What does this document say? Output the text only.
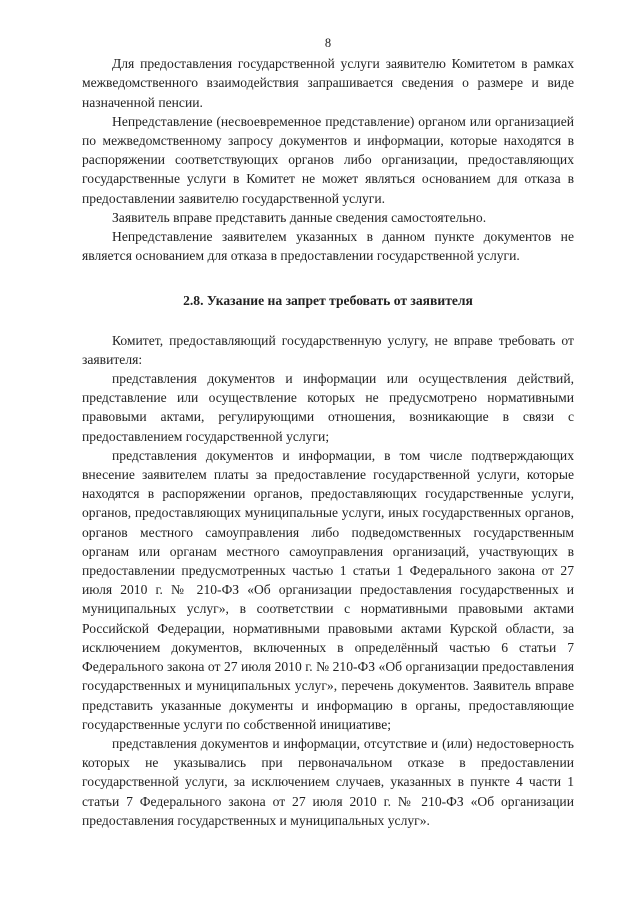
8

Для предоставления государственной услуги заявителю Комитетом в рамках межведомственного взаимодействия запрашивается сведения о размере и виде назначенной пенсии.

Непредставление (несвоевременное представление) органом или организацией по межведомственному запросу документов и информации, которые находятся в распоряжении соответствующих органов либо организации, предоставляющих государственные услуги в Комитет не может являться основанием для отказа в предоставлении заявителю государственной услуги.

Заявитель вправе представить данные сведения самостоятельно.

Непредставление заявителем указанных в данном пункте документов не является основанием для отказа в предоставлении государственной услуги.

2.8. Указание на запрет требовать от заявителя

Комитет, предоставляющий государственную услугу, не вправе требовать от заявителя:

представления документов и информации или осуществления действий, представление или осуществление которых не предусмотрено нормативными правовыми актами, регулирующими отношения, возникающие в связи с предоставлением государственной услуги;

представления документов и информации, в том числе подтверждающих внесение заявителем платы за предоставление государственной услуги, которые находятся в распоряжении органов, предоставляющих государственные услуги, органов, предоставляющих муниципальные услуги, иных государственных органов, органов местного самоуправления либо подведомственных государственным органам или органам местного самоуправления организаций, участвующих в предоставлении предусмотренных частью 1 статьи 1 Федерального закона от 27 июля 2010 г. № 210-ФЗ «Об организации предоставления государственных и муниципальных услуг», в соответствии с нормативными правовыми актами Российской Федерации, нормативными правовыми актами Курской области, за исключением документов, включенных в определённый частью 6 статьи 7 Федерального закона от 27 июля 2010 г. № 210-ФЗ «Об организации предоставления государственных и муниципальных услуг», перечень документов. Заявитель вправе представить указанные документы и информацию в органы, предоставляющие государственные услуги по собственной инициативе;

представления документов и информации, отсутствие и (или) недостоверность которых не указывались при первоначальном отказе в предоставлении государственной услуги, за исключением случаев, указанных в пункте 4 части 1 статьи 7 Федерального закона от 27 июля 2010 г. № 210-ФЗ «Об организации предоставления государственных и муниципальных услуг».
